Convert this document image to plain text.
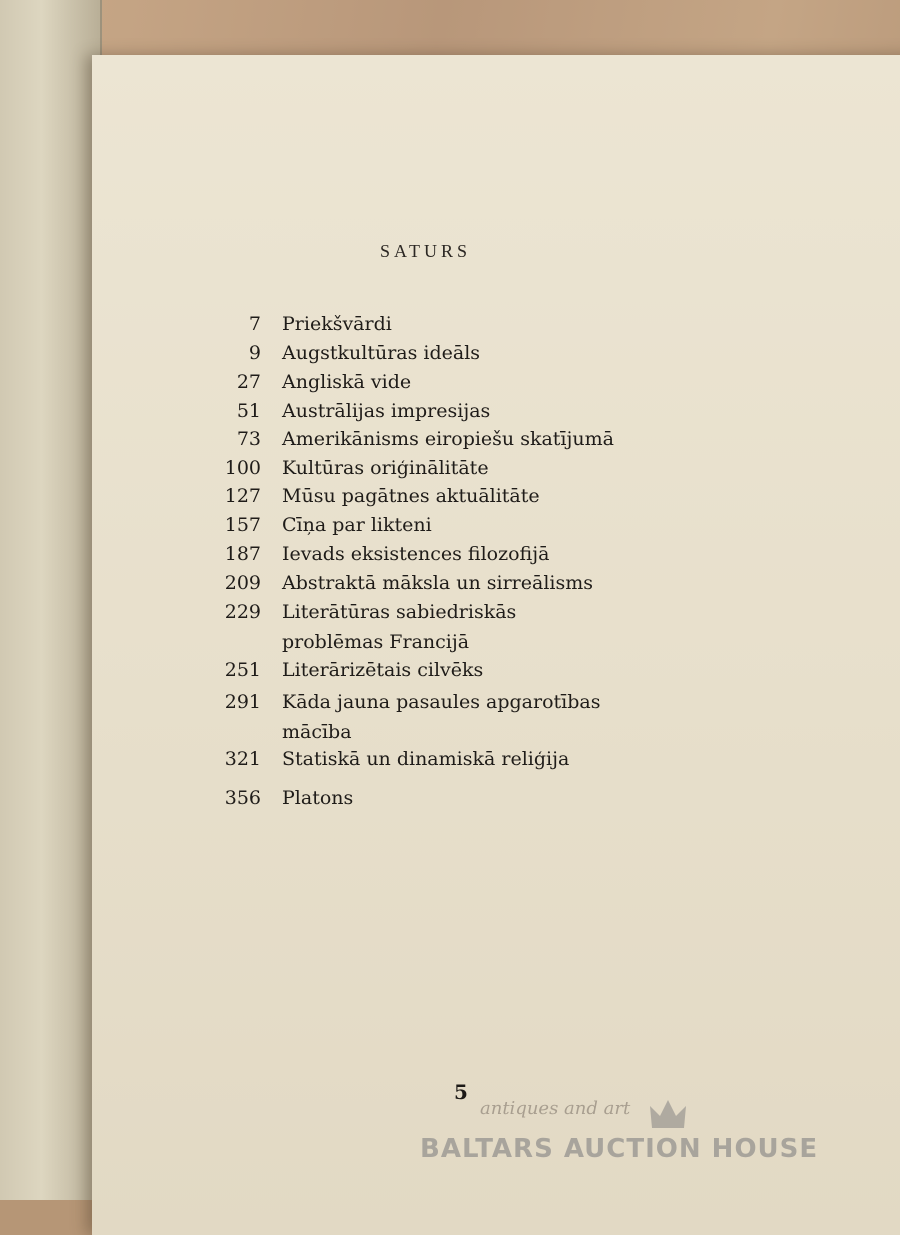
SATURS
7 Priekšvārdi
9 Augstkultūras ideāls
27 Angliskā vide
51 Austrālijas impresijas
73 Amerikānisms eiropiešu skatījumā
100 Kultūras oriģinālitāte
127 Mūsu pagātnes aktuālitāte
157 Cīņa par likteni
187 Ievads eksistences filozofijā
209 Abstraktā māksla un sirreālisms
229 Literātūras sabiedriskās
problēmas Francijā
251 Literārizētais cilvēks
291 Kāda jauna pasaules apgarotības
mācība
321 Statiskā un dinamiskā reliģija
356 Platons
5
antiques and art
BALTARS AUCTION HOUSE
